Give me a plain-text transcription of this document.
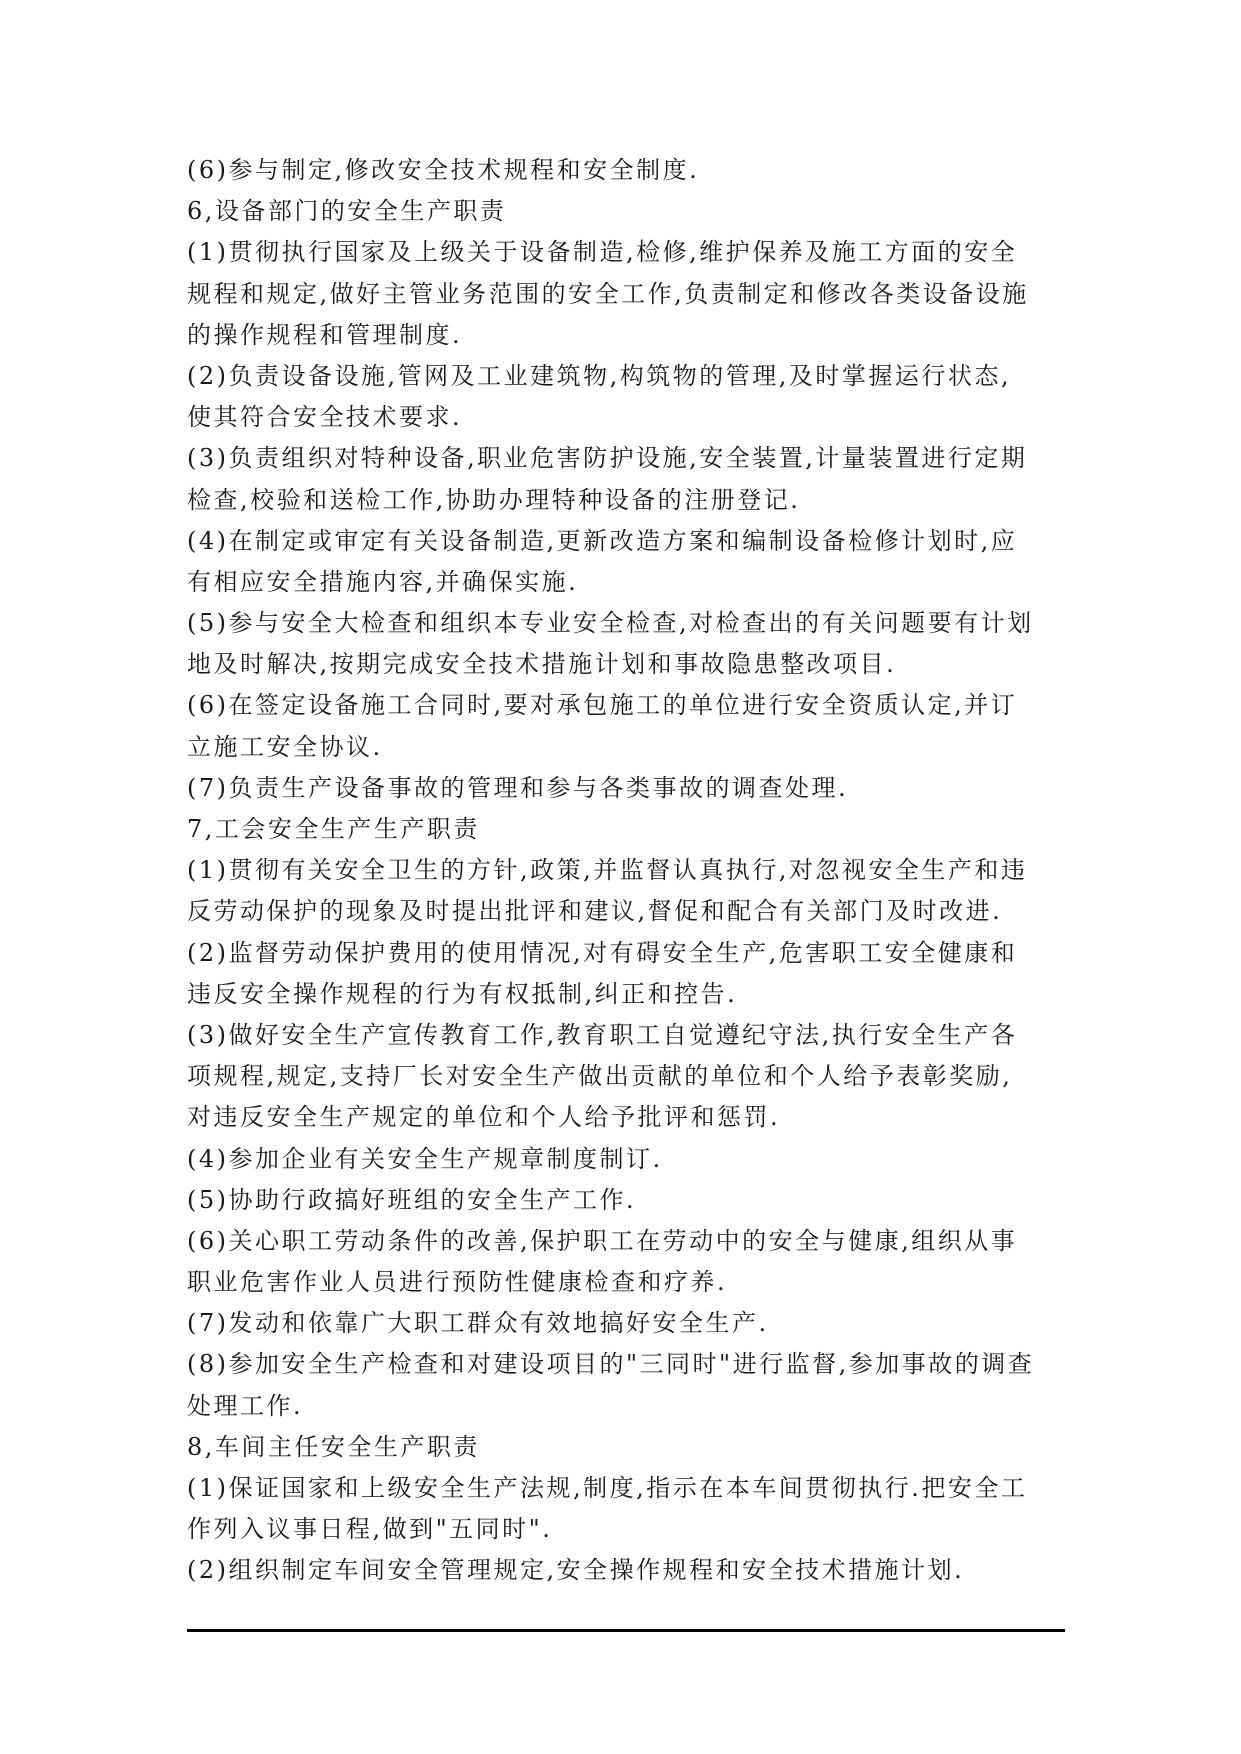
(6)参与制定,修改安全技术规程和安全制度.
6,设备部门的安全生产职责
(1)贯彻执行国家及上级关于设备制造,检修,维护保养及施工方面的安全
规程和规定,做好主管业务范围的安全工作,负责制定和修改各类设备设施
的操作规程和管理制度.
(2)负责设备设施,管网及工业建筑物,构筑物的管理,及时掌握运行状态,
使其符合安全技术要求.
(3)负责组织对特种设备,职业危害防护设施,安全装置,计量装置进行定期
检查,校验和送检工作,协助办理特种设备的注册登记.
(4)在制定或审定有关设备制造,更新改造方案和编制设备检修计划时,应
有相应安全措施内容,并确保实施.
(5)参与安全大检查和组织本专业安全检查,对检查出的有关问题要有计划
地及时解决,按期完成安全技术措施计划和事故隐患整改项目.
(6)在签定设备施工合同时,要对承包施工的单位进行安全资质认定,并订
立施工安全协议.
(7)负责生产设备事故的管理和参与各类事故的调查处理.
7,工会安全生产生产职责
(1)贯彻有关安全卫生的方针,政策,并监督认真执行,对忽视安全生产和违
反劳动保护的现象及时提出批评和建议,督促和配合有关部门及时改进.
(2)监督劳动保护费用的使用情况,对有碍安全生产,危害职工安全健康和
违反安全操作规程的行为有权抵制,纠正和控告.
(3)做好安全生产宣传教育工作,教育职工自觉遵纪守法,执行安全生产各
项规程,规定,支持厂长对安全生产做出贡献的单位和个人给予表彰奖励,
对违反安全生产规定的单位和个人给予批评和惩罚.
(4)参加企业有关安全生产规章制度制订.
(5)协助行政搞好班组的安全生产工作.
(6)关心职工劳动条件的改善,保护职工在劳动中的安全与健康,组织从事
职业危害作业人员进行预防性健康检查和疗养.
(7)发动和依靠广大职工群众有效地搞好安全生产.
(8)参加安全生产检查和对建设项目的"三同时"进行监督,参加事故的调查
处理工作.
8,车间主任安全生产职责
(1)保证国家和上级安全生产法规,制度,指示在本车间贯彻执行.把安全工
作列入议事日程,做到"五同时".
(2)组织制定车间安全管理规定,安全操作规程和安全技术措施计划.
